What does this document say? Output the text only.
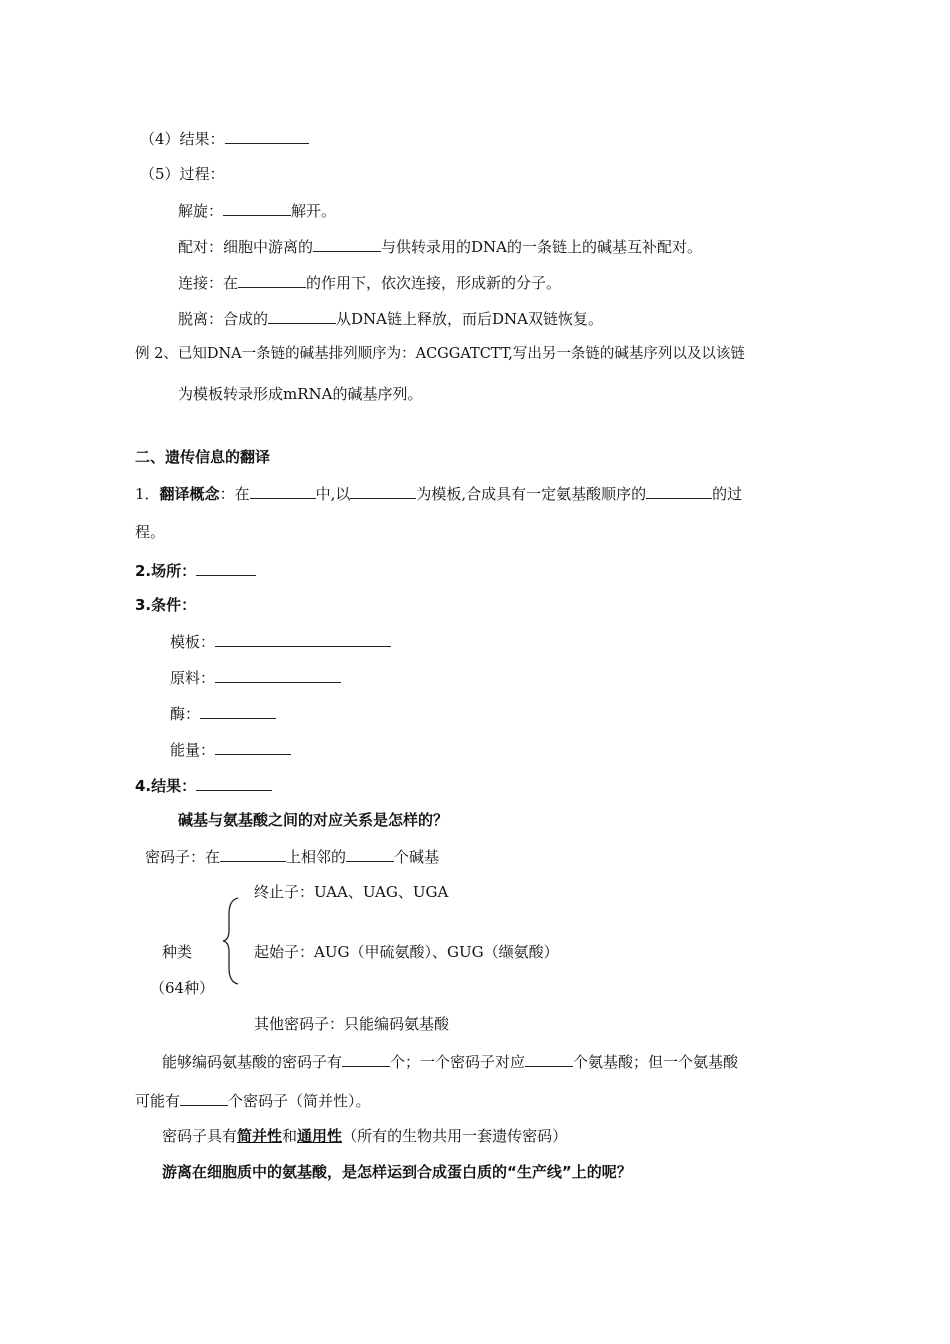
（4）结果：
（5）过程：
解旋：	解开。
配对：细胞中游离的	与供转录用的DNA的一条链上的碱基互补配对。
连接：在	的作用下，依次连接，形成新的分子。
脱离：合成的	从DNA链上释放，而后DNA双链恢复。
例 2、已知DNA一条链的碱基排列顺序为：ACGGATCTT,写出另一条链的碱基序列以及以该链
为模板转录形成mRNA的碱基序列。
二、遗传信息的翻译
1．翻译概念：在	中,以	为模板,合成具有一定氨基酸顺序的	的过
程。
2.场所：
3.条件：
模板：
原料：
酶：
能量：
4.结果：
碱基与氨基酸之间的对应关系是怎样的？
密码子：在	上相邻的	个碱基
终止子：UAA、UAG、UGA
种类	起始子：AUG（甲硫氨酸）、GUG（缬氨酸）
（64种）
其他密码子：只能编码氨基酸
能够编码氨基酸的密码子有	个；一个密码子对应	个氨基酸；但一个氨基酸
可能有	个密码子（简并性）。
密码子具有简并性和通用性（所有的生物共用一套遗传密码）
游离在细胞质中的氨基酸，是怎样运到合成蛋白质的“生产线”上的呢？
